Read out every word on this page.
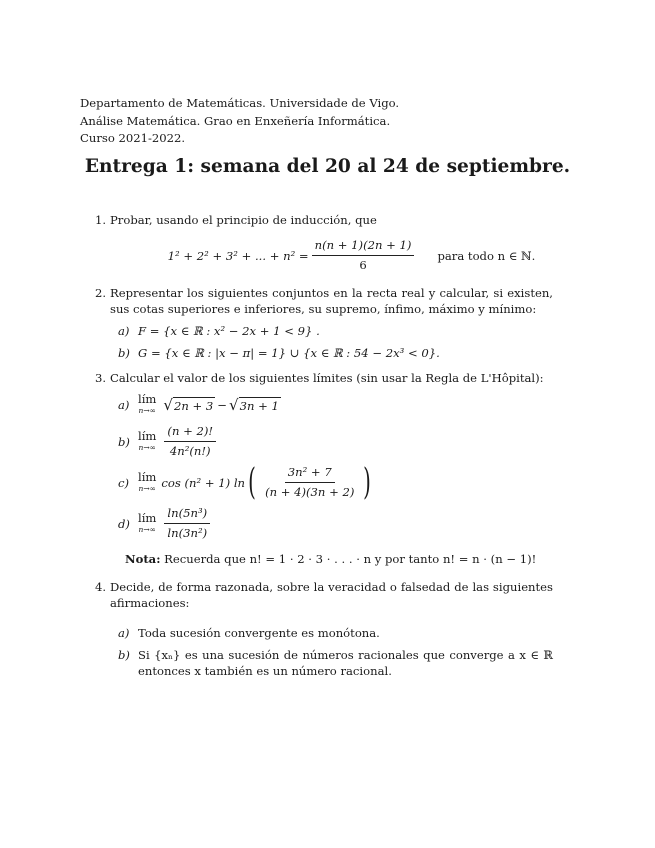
Departamento de Matemáticas. Universidade de Vigo.
Análise Matemática. Grao en Enxeñería Informática.
Curso 2021-2022.
Entrega 1: semana del 20 al 24 de septiembre.
1. Probar, usando el principio de inducción, que
1² + 2² + 3² + ... + $n^2 = \frac{n(n + 1)(2n + 1)}{6}$ para todo n ∈ ℕ.
2. Representar los siguientes conjuntos en la recta real y calcular, si existen, sus cotas superiores e inferiores, su supremo, ínfimo, máximo y mínimo:
a) F = {x ∈ ℝ : x² − 2x + 1 < 9} .
b) G = {x ∈ ℝ : |x − π| = 1} ∪ {x ∈ ℝ : 54 − 2x³ < 0}.
3. Calcular el valor de los siguientes límites (sin usar la Regla de L'Hôpital):
a) lím
n→∞ √ 2n + 3 − √ 3n + 1
b) lím
$n\to\infty \frac{(n + 2)!}{\text{4n²(n!)}}$
c) lím
n→∞ cos (n² + 1) ln ( $\frac{\text{3n² + 7}}{(n + 4)(3n + 2)}$ )
d) lím
$n\to\infty \frac{\text{ln(5n³)}}{\text{ln(3n²)}}$
Nota: Recuerda que n! = 1 · 2 · 3 · . . . · n y por tanto n! = n · (n − 1)!
4. Decide, de forma razonada, sobre la veracidad o falsedad de las siguientes afirmaciones:
a) Toda sucesión convergente es monótona.
b) Si {xₙ} es una sucesión de números racionales que converge a x ∈ ℝ entonces x también es un número racional.
